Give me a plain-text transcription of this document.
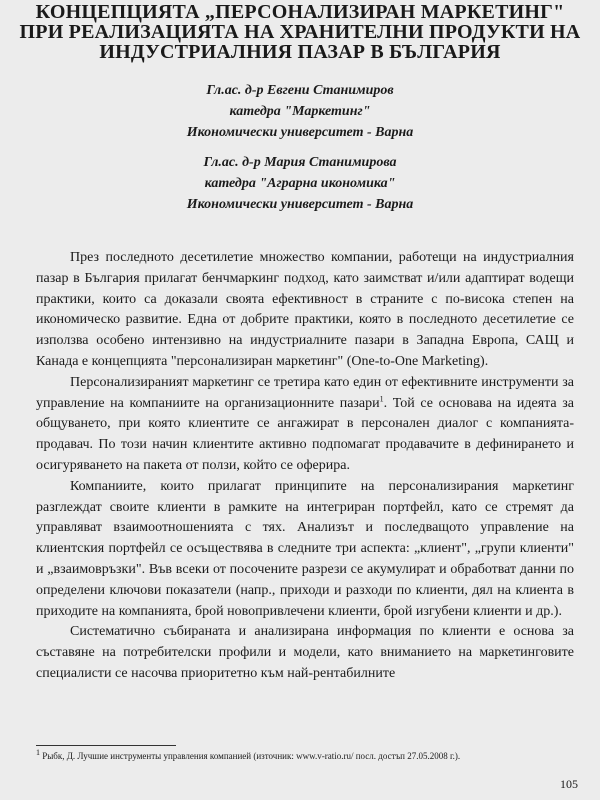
КОНЦЕПЦИЯТА „ПЕРСОНАЛИЗИРАН МАРКЕТИНГ"
ПРИ РЕАЛИЗАЦИЯТА НА ХРАНИТЕЛНИ ПРОДУКТИ НА
ИНДУСТРИАЛНИЯ ПАЗАР В БЪЛГАРИЯ
Гл.ас. д-р Евгени Станимиров
катедра "Маркетинг"
Икономически университет - Варна
Гл.ас. д-р Мария Станимирова
катедра "Аграрна икономика"
Икономически университет - Варна

През последното десетилетие множество компании, работещи на индустриалния пазар в България прилагат бенчмаркинг подход, като заимстват и/или адаптират водещи практики, които са доказали своята ефективност в страните с по-висока степен на икономическо развитие. Една от добрите практики, която в последното десетилетие се използва особено интензивно на индустриалните пазари в Западна Европа, САЩ и Канада е концепцията "персонализиран маркетинг" (One-to-One Marketing).

Персонализираният маркетинг се третира като един от ефективните инструменти за управление на компаниите на организационните пазари$^1$. Той се основава на идеята за общуването, при която клиентите се ангажират в персонален диалог с компанията-продавач. По този начин клиентите активно подпомагат продавачите в дефинирането и осигуряването на пакета от ползи, който се оферира.

Компаниите, които прилагат принципите на персонализирания маркетинг разглеждат своите клиенти в рамките на интегриран портфейл, като се стремят да управляват взаимоотношенията с тях. Анализът и последващото управление на клиентския портфейл се осъществява в следните три аспекта: „клиент", „групи клиенти" и „взаимовръзки". Във всеки от посочените разрези се акумулират и обработват данни по определени ключови показатели (напр., приходи и разходи по клиенти, дял на клиента в приходите на компанията, брой новопривлечени клиенти, брой изгубени клиенти и др.).

Систематично събираната и анализирана информация по клиенти е основа за съставяне на потребителски профили и модели, като вниманието на маркетинговите специалисти се насочва приоритетно към най-рентабилните

$^1$ Рыбк, Д. Лучшие инструменты управления компанией (източник: www.v-ratio.ru/ посл. достъп 27.05.2008 г.).
105
